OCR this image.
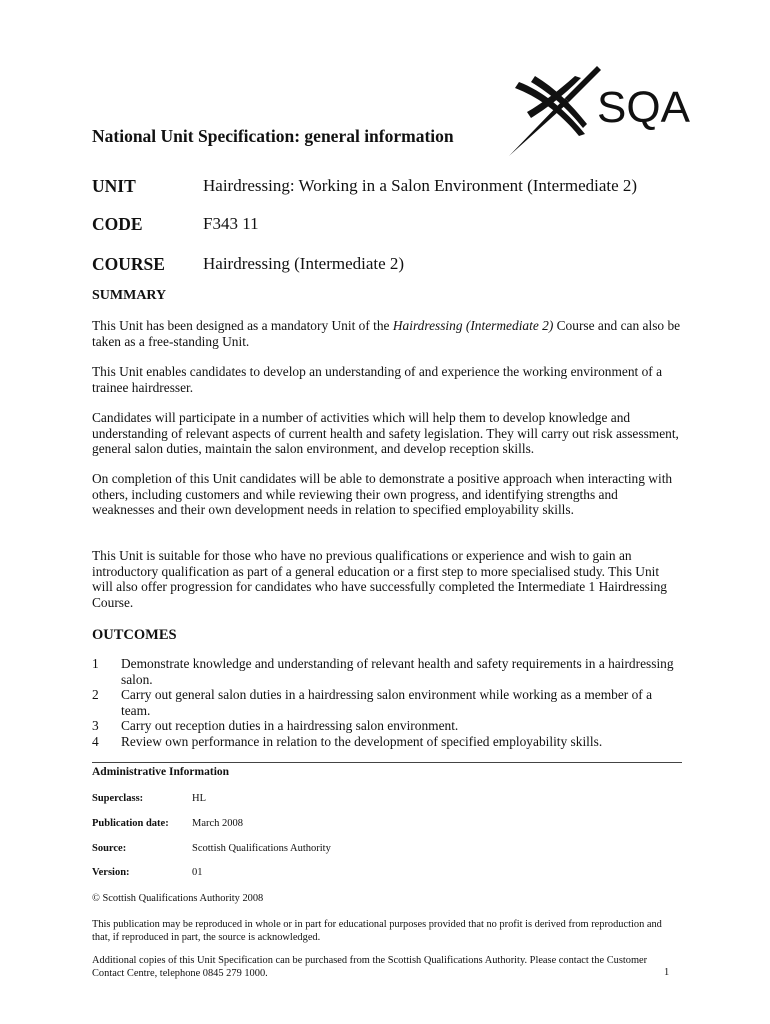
SQA
National Unit Specification: general information
UNIT	Hairdressing: Working in a Salon Environment (Intermediate 2)
CODE	F343 11
COURSE Hairdressing (Intermediate 2)
SUMMARY

This Unit has been designed as a mandatory Unit of the Hairdressing (Intermediate 2) Course and can also be taken as a free-standing Unit.

This Unit enables candidates to develop an understanding of and experience the working environment of a trainee hairdresser.

Candidates will participate in a number of activities which will help them to develop knowledge and understanding of relevant aspects of current health and safety legislation. They will carry out risk assessment, general salon duties, maintain the salon environment, and develop reception skills.

On completion of this Unit candidates will be able to demonstrate a positive approach when interacting with others, including customers and while reviewing their own progress, and identifying strengths and weaknesses and their own development needs in relation to specified employability skills.

This Unit is suitable for those who have no previous qualifications or experience and wish to gain an introductory qualification as part of a general education or a first step to more specialised study. This Unit will also offer progression for candidates who have successfully completed the Intermediate 1 Hairdressing Course.

OUTCOMES
1 Demonstrate knowledge and understanding of relevant health and safety requirements in a hairdressing salon.
2 Carry out general salon duties in a hairdressing salon environment while working as a member of a team.
3 Carry out reception duties in a hairdressing salon environment.
4 Review own performance in relation to the development of specified employability skills.
Administrative Information
Superclass:	HL
Publication date: March 2008
Source:	Scottish Qualifications Authority
Version:	01

© Scottish Qualifications Authority 2008

This publication may be reproduced in whole or in part for educational purposes provided that no profit is derived from reproduction and that, if reproduced in part, the source is acknowledged.

Additional copies of this Unit Specification can be purchased from the Scottish Qualifications Authority. Please contact the Customer Contact Centre, telephone 0845 279 1000.	1
